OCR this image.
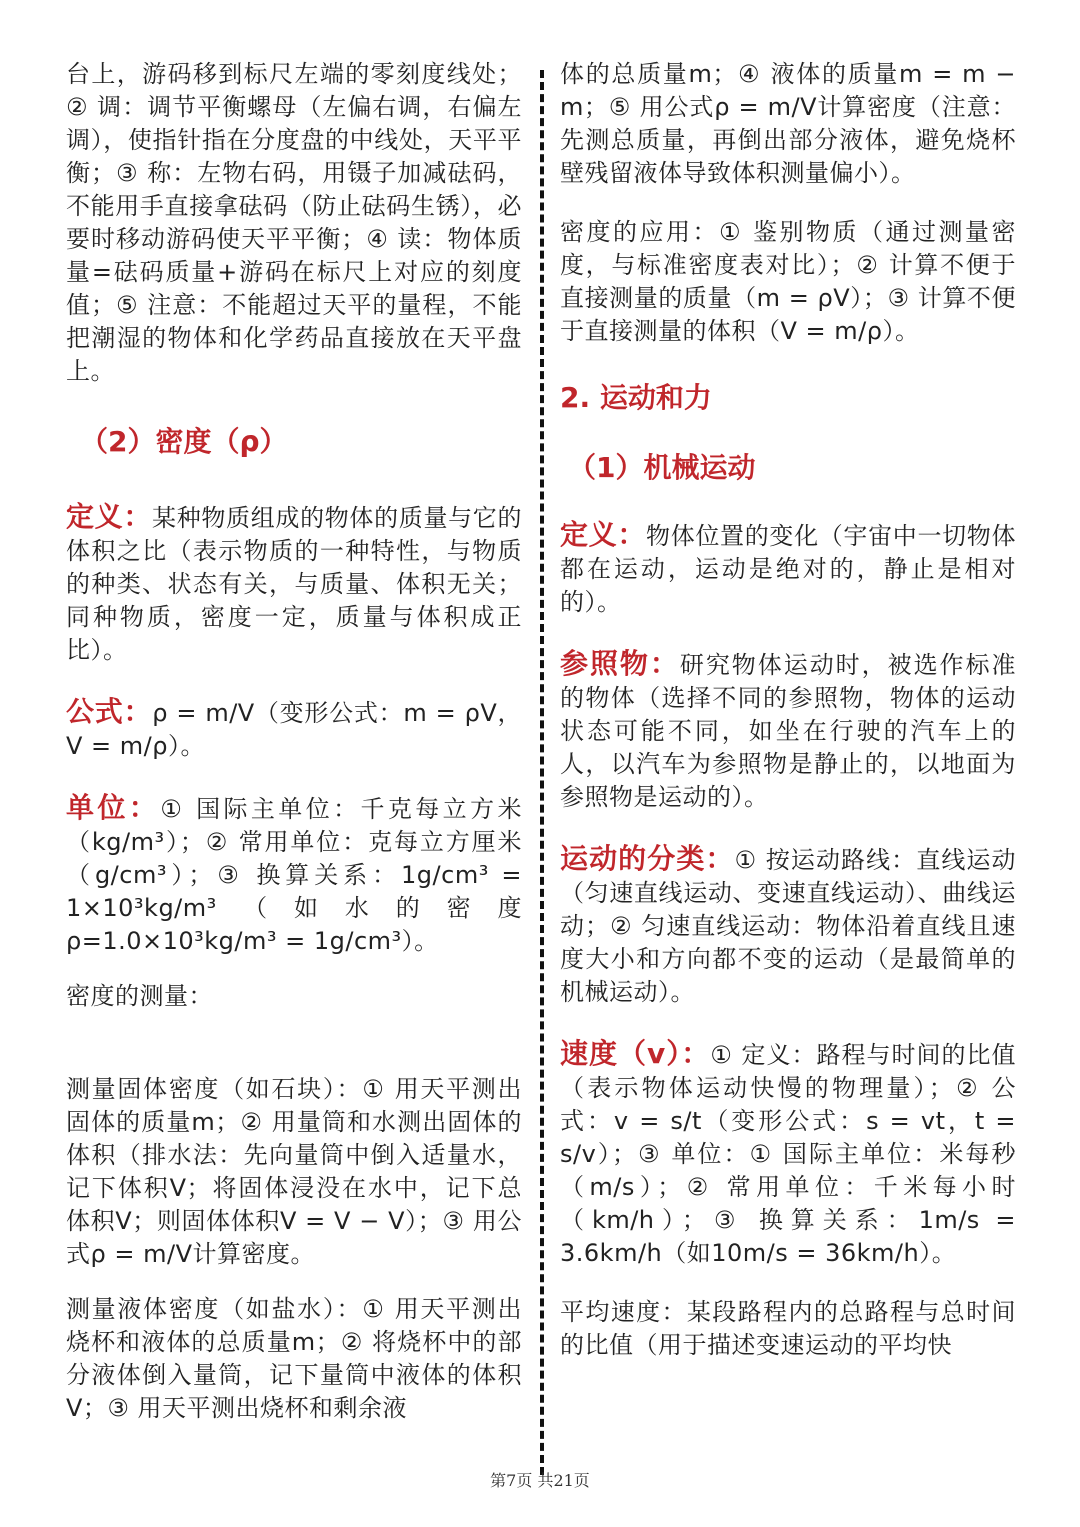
台上，游码移到标尺左端的零刻度线处；② 调：调节平衡螺母（左偏右调，右偏左调），使指针指在分度盘的中线处，天平平衡；③ 称：左物右码，用镊子加减砝码，不能用手直接拿砝码（防止砝码生锈），必要时移动游码使天平平衡；④ 读：物体质量=砝码质量+游码在标尺上对应的刻度值；⑤ 注意：不能超过天平的量程，不能把潮湿的物体和化学药品直接放在天平盘上。

（2）密度（ρ）

定义：某种物质组成的物体的质量与它的体积之比（表示物质的一种特性，与物质的种类、状态有关，与质量、体积无关；同种物质，密度一定，质量与体积成正比）。

公式：ρ = m/V（变形公式：m = ρV，V = m/ρ）。

单位：① 国际主单位：千克每立方米（kg/m³）；② 常用单位：克每立方厘米（g/cm³）；③ 换算关系：1g/cm³ = 1×10³kg/m³（如水的密度ρ=1.0×10³kg/m³ = 1g/cm³）。

密度的测量：

测量固体密度（如石块）：① 用天平测出固体的质量m；② 用量筒和水测出固体的体积（排水法：先向量筒中倒入适量水，记下体积V；将固体浸没在水中，记下总体积V；则固体体积V = V − V）；③ 用公式ρ = m/V计算密度。

测量液体密度（如盐水）：① 用天平测出烧杯和液体的总质量m；② 将烧杯中的部分液体倒入量筒，记下量筒中液体的体积V；③ 用天平测出烧杯和剩余液

体的总质量m；④ 液体的质量m = m − m；⑤ 用公式ρ = m/V计算密度（注意：先测总质量，再倒出部分液体，避免烧杯壁残留液体导致体积测量偏小）。

密度的应用：① 鉴别物质（通过测量密度，与标准密度表对比）；② 计算不便于直接测量的质量（m = ρV）；③ 计算不便于直接测量的体积（V = m/ρ）。

2. 运动和力
（1）机械运动

定义：物体位置的变化（宇宙中一切物体都在运动，运动是绝对的，静止是相对的）。

参照物：研究物体运动时，被选作标准的物体（选择不同的参照物，物体的运动状态可能不同，如坐在行驶的汽车上的人，以汽车为参照物是静止的，以地面为参照物是运动的）。

运动的分类：① 按运动路线：直线运动（匀速直线运动、变速直线运动）、曲线运动；② 匀速直线运动：物体沿着直线且速度大小和方向都不变的运动（是最简单的机械运动）。

速度（v）：① 定义：路程与时间的比值（表示物体运动快慢的物理量）；② 公式：v = s/t（变形公式：s = vt，t = s/v）；③ 单位：① 国际主单位：米每秒（m/s）；② 常用单位：千米每小时（km/h）；③ 换算关系：1m/s = 3.6km/h（如10m/s = 36km/h）。

平均速度：某段路程内的总路程与总时间的比值（用于描述变速运动的平均快

第7页 共21页
